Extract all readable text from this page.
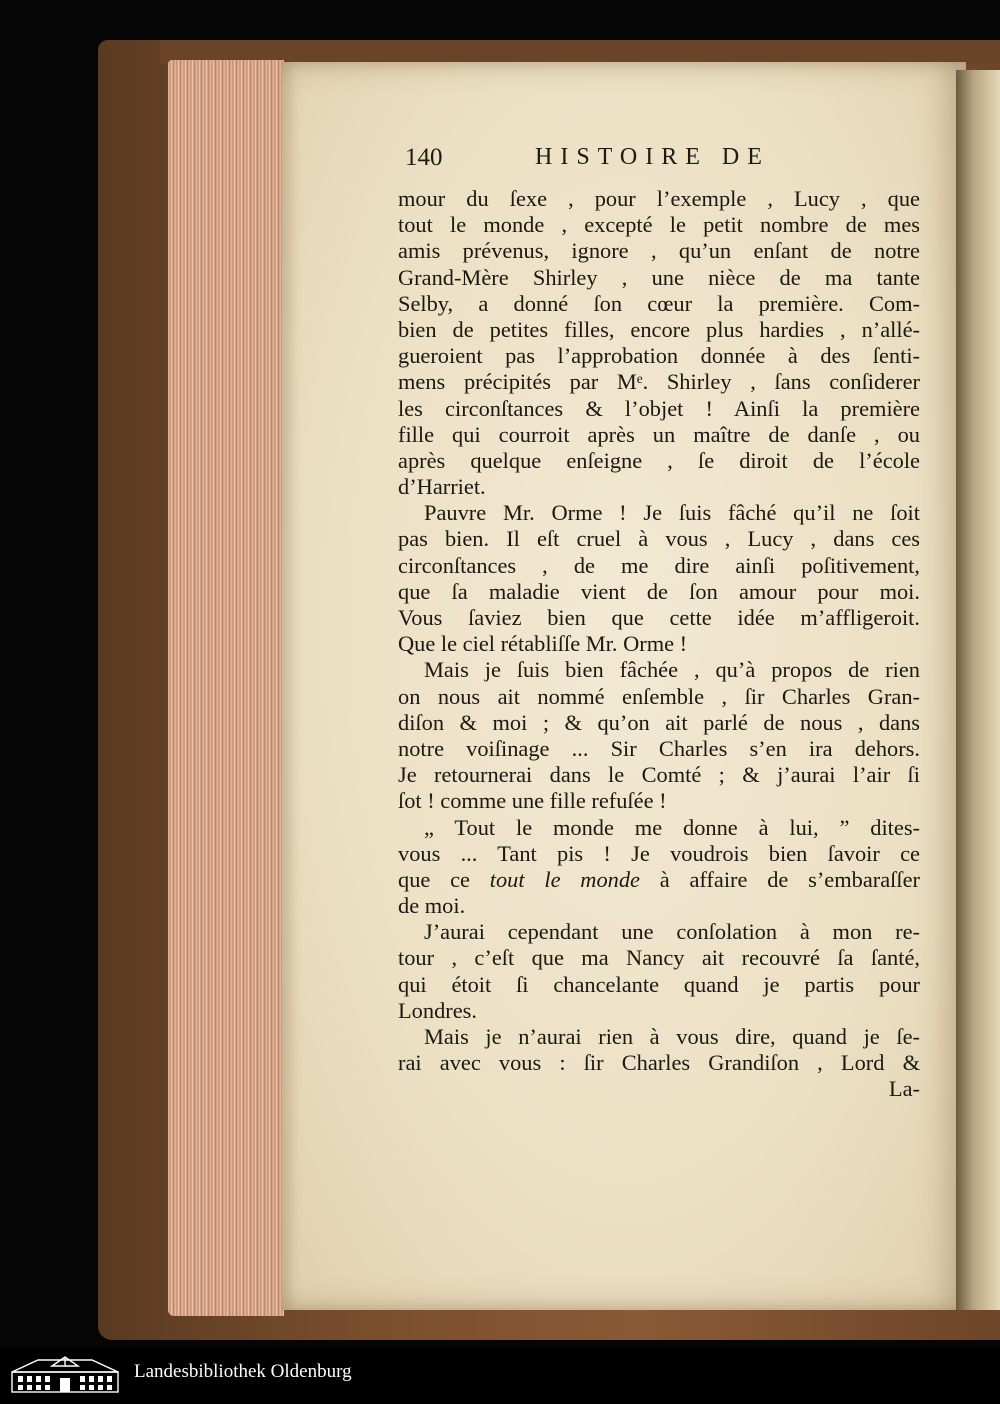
140	HISTOIRE DE
mour du ſexe , pour l’exemple , Lucy , que
tout le monde , excepté le petit nombre de mes
amis prévenus, ignore , qu’un enſant de notre
Grand-Mère Shirley , une nièce de ma tante
Selby, a donné ſon cœur la première. Com-
bien de petites filles, encore plus hardies , n’allé-
gueroient pas l’approbation donnée à des ſenti-
mens précipités par Mᵉ. Shirley , ſans conſiderer
les circonſtances & l’objet ! Ainſi la première
fille qui courroit après un maître de danſe , ou
après quelque enſeigne , ſe diroit de l’école
d’Harriet.
Pauvre Mr. Orme ! Je ſuis fâché qu’il ne ſoit
pas bien. Il eſt cruel à vous , Lucy , dans ces
circonſtances , de me dire ainſi poſitivement,
que ſa maladie vient de ſon amour pour moi.
Vous ſaviez bien que cette idée m’affligeroit.
Que le ciel rétabliſſe Mr. Orme !
Mais je ſuis bien fâchée , qu’à propos de rien
on nous ait nommé enſemble , ſir Charles Gran-
diſon & moi ; & qu’on ait parlé de nous , dans
notre voiſinage ... Sir Charles s’en ira dehors.
Je retournerai dans le Comté ; & j’aurai l’air ſi
ſot ! comme une fille refuſée !
„ Tout le monde me donne à lui, ” dites-
vous ... Tant pis ! Je voudrois bien ſavoir ce
que ce tout le monde à affaire de s’embaraſſer
de moi.
J’aurai cependant une conſolation à mon re-
tour , c’eſt que ma Nancy ait recouvré ſa ſanté,
qui étoit ſi chancelante quand je partis pour
Londres.
Mais je n’aurai rien à vous dire, quand je ſe-
rai avec vous : ſir Charles Grandiſon , Lord &
La-
Landesbibliothek Oldenburg
